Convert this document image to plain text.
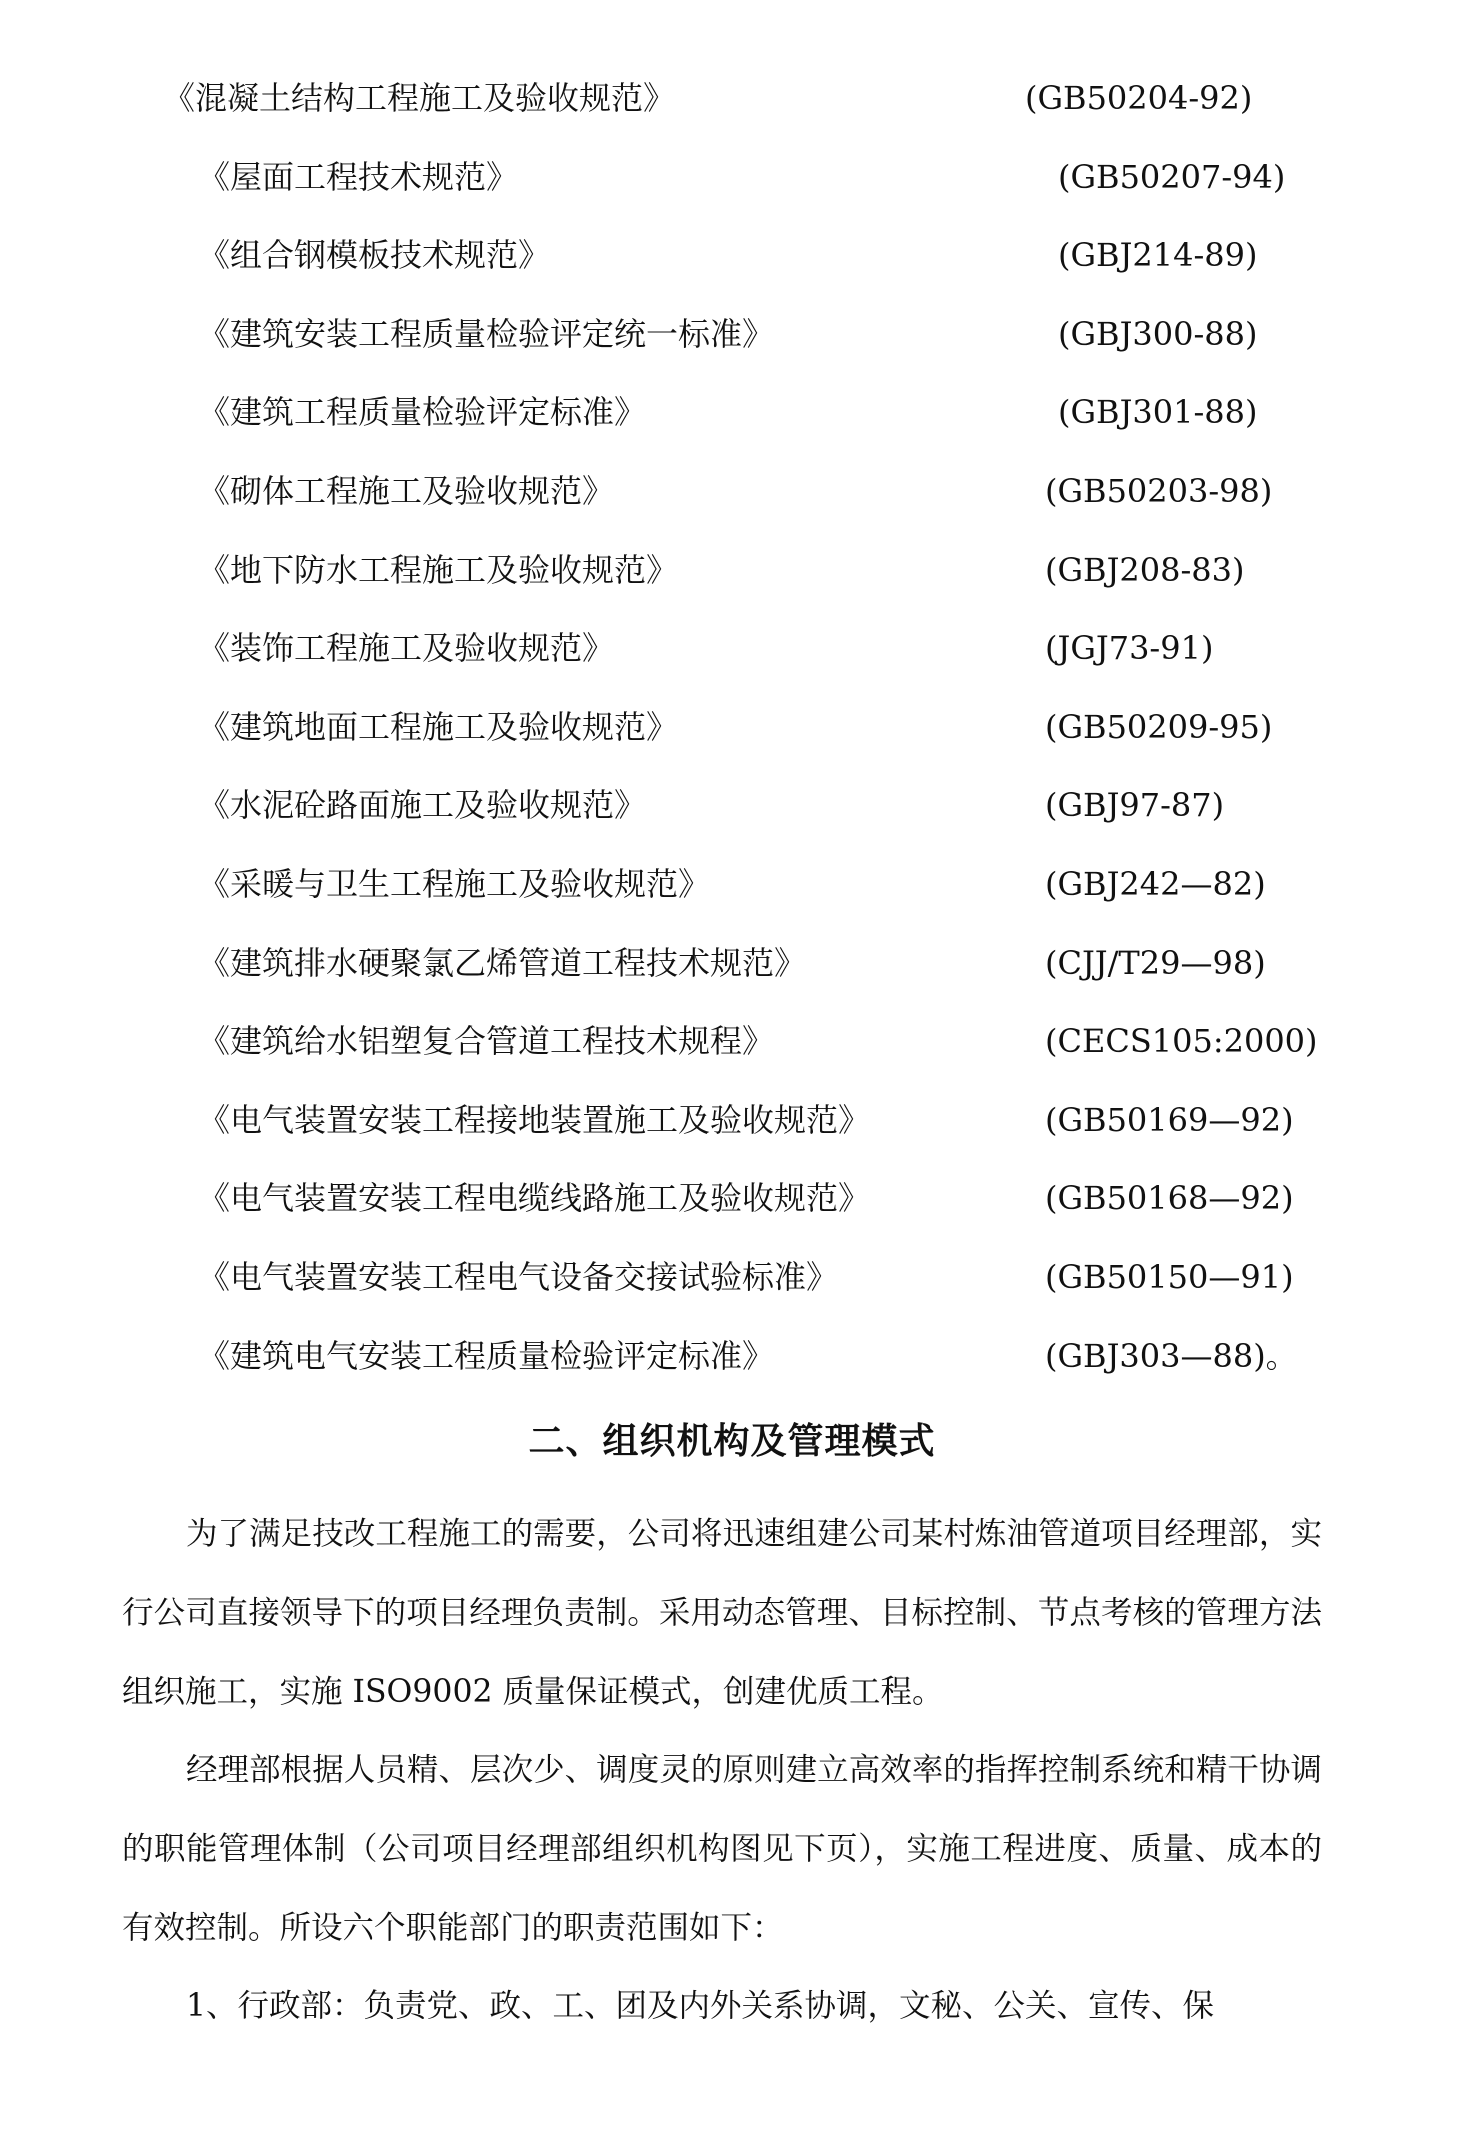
《混凝土结构工程施工及验收规范》	(GB50204-92)
《屋面工程技术规范》	(GB50207-94)
《组合钢模板技术规范》	(GBJ214-89)
《建筑安装工程质量检验评定统一标准》	(GBJ300-88)
《建筑工程质量检验评定标准》	(GBJ301-88)
《砌体工程施工及验收规范》	(GB50203-98)
《地下防水工程施工及验收规范》	(GBJ208-83)
《装饰工程施工及验收规范》	(JGJ73-91)
《建筑地面工程施工及验收规范》	(GB50209-95)
《水泥砼路面施工及验收规范》	(GBJ97-87)
《采暖与卫生工程施工及验收规范》	(GBJ242—82)
《建筑排水硬聚氯乙烯管道工程技术规范》	(CJJ/T29—98)
《建筑给水铝塑复合管道工程技术规程》	(CECS105:2000)
《电气装置安装工程接地装置施工及验收规范》	(GB50169—92)
《电气装置安装工程电缆线路施工及验收规范》	(GB50168—92)
《电气装置安装工程电气设备交接试验标准》	(GB50150—91)
《建筑电气安装工程质量检验评定标准》	(GBJ303—88)。
二、组织机构及管理模式
为了满足技改工程施工的需要，公司将迅速组建公司某村炼油管道项目经理部，实行公司直接领导下的项目经理负责制。采用动态管理、目标控制、节点考核的管理方法组织施工，实施 ISO9002 质量保证模式，创建优质工程。
经理部根据人员精、层次少、调度灵的原则建立高效率的指挥控制系统和精干协调的职能管理体制（公司项目经理部组织机构图见下页），实施工程进度、质量、成本的有效控制。所设六个职能部门的职责范围如下：
1、行政部：负责党、政、工、团及内外关系协调，文秘、公关、宣传、保
